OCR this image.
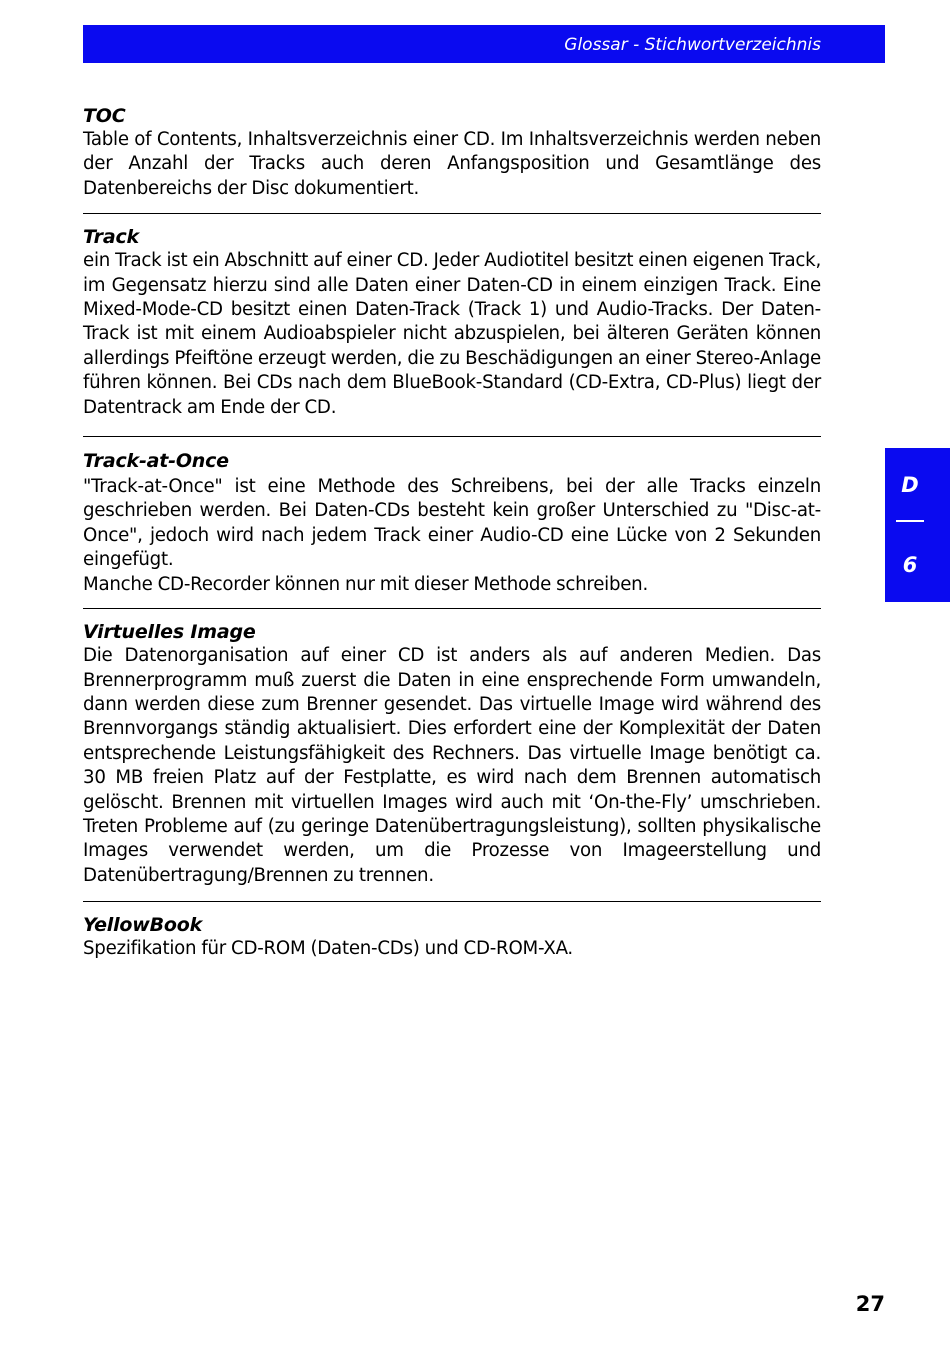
Glossar - Stichwortverzeichnis
D
6

TOC

Table of Contents, Inhaltsverzeichnis einer CD. Im Inhaltsverzeichnis werden neben der Anzahl der Tracks auch deren Anfangsposition und Gesamtlänge des Datenbereichs der Disc dokumentiert.

Track

ein Track ist ein Abschnitt auf einer CD. Jeder Audiotitel besitzt einen eigenen Track, im Gegensatz hierzu sind alle Daten einer Daten-CD in einem einzigen Track. Eine Mixed-Mode-CD besitzt einen Daten-Track (Track 1) und Audio-Tracks. Der Daten-Track ist mit einem Audioabspieler nicht abzuspielen, bei älteren Geräten können allerdings Pfeiftöne erzeugt werden, die zu Beschädigungen an einer Stereo-Anlage führen können. Bei CDs nach dem BlueBook-Standard (CD-Extra, CD-Plus) liegt der Datentrack am Ende der CD.

Track-at-Once

"Track-at-Once" ist eine Methode des Schreibens, bei der alle Tracks einzeln geschrieben werden. Bei Daten-CDs besteht kein großer Unterschied zu "Disc-at-Once", jedoch wird nach jedem Track einer Audio-CD eine Lücke von 2 Sekunden eingefügt.

Manche CD-Recorder können nur mit dieser Methode schreiben.

Virtuelles Image

Die Datenorganisation auf einer CD ist anders als auf anderen Medien. Das Brennerprogramm muß zuerst die Daten in eine ensprechende Form umwandeln, dann werden diese zum Brenner gesendet. Das virtuelle Image wird während des Brennvorgangs ständig aktualisiert. Dies erfordert eine der Komplexität der Daten entsprechende Leistungsfähigkeit des Rechners. Das virtuelle Image benötigt ca. 30 MB freien Platz auf der Festplatte, es wird nach dem Brennen automatisch gelöscht. Brennen mit virtuellen Images wird auch mit ‘On-the-Fly’ umschrieben. Treten Probleme auf (zu geringe Datenübertragungsleistung), sollten physikalische Images verwendet werden, um die Prozesse von Imageerstellung und Datenübertragung/Brennen zu trennen.

YellowBook

Spezifikation für CD-ROM (Daten-CDs) und CD-ROM-XA.

27
